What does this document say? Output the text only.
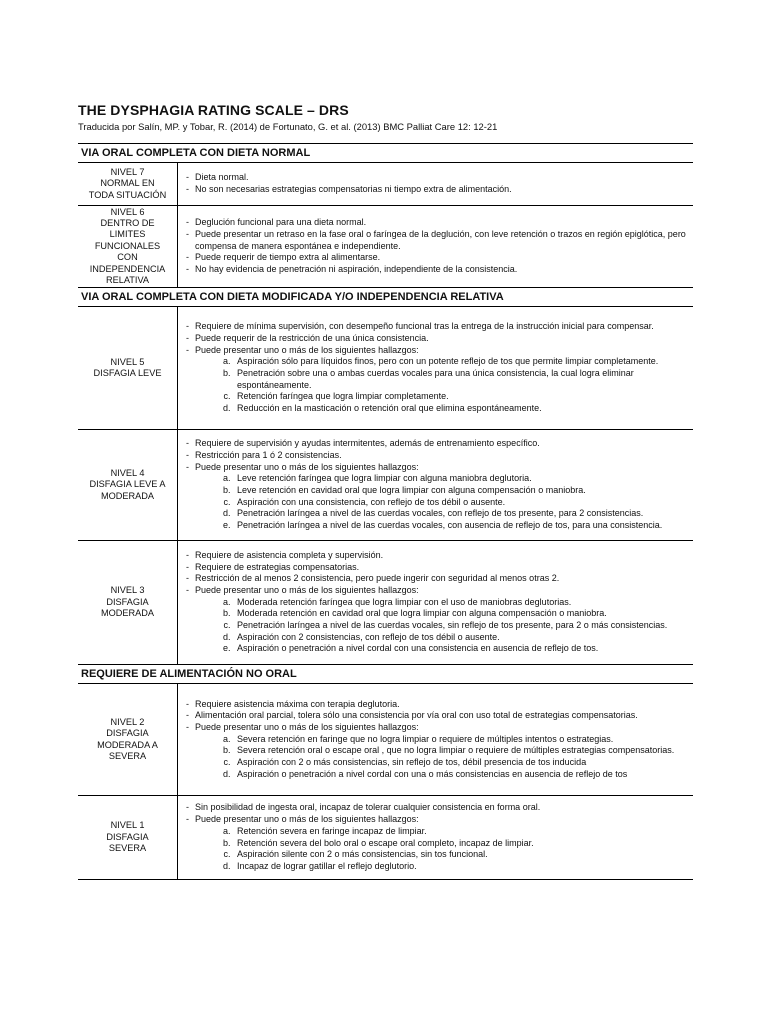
THE DYSPHAGIA RATING SCALE – DRS
Traducida por Salín, MP. y Tobar, R. (2014) de Fortunato, G. et al. (2013) BMC Palliat Care 12: 12-21
VIA ORAL COMPLETA CON DIETA NORMAL
NIVEL 7
NORMAL EN
TODA SITUACIÓN
- Dieta normal.
- No son necesarias estrategias compensatorias ni tiempo extra de alimentación.
NIVEL 6
DENTRO DE
LIMITES
FUNCIONALES
CON
INDEPENDENCIA
RELATIVA
- Deglución funcional para una dieta normal.
- Puede presentar un retraso en la fase oral o faríngea de la deglución, con leve retención o trazos en región epiglótica, pero compensa de manera espontánea e independiente.
- Puede requerir de tiempo extra al alimentarse.
- No hay evidencia de penetración ni aspiración, independiente de la consistencia.
VIA ORAL COMPLETA CON DIETA MODIFICADA Y/O INDEPENDENCIA RELATIVA
NIVEL 5
DISFAGIA LEVE
- Requiere de mínima supervisión, con desempeño funcional tras la entrega de la instrucción inicial para compensar.
- Puede requerir de la restricción de una única consistencia.
- Puede presentar uno o más de los siguientes hallazgos:
a. Aspiración sólo para líquidos finos, pero con un potente reflejo de tos que permite limpiar completamente.
b. Penetración sobre una o ambas cuerdas vocales para una única consistencia, la cual logra eliminar espontáneamente.
c. Retención faríngea que logra limpiar completamente.
d. Reducción en la masticación o retención oral que elimina espontáneamente.
NIVEL 4
DISFAGIA LEVE A
MODERADA
- Requiere de supervisión y ayudas intermitentes, además de entrenamiento específico.
- Restricción para 1 ó 2 consistencias.
- Puede presentar uno o más de los siguientes hallazgos:
a. Leve retención faríngea que logra limpiar con alguna maniobra deglutoria.
b. Leve retención en cavidad oral que logra limpiar con alguna compensación o maniobra.
c. Aspiración con una consistencia, con reflejo de tos débil o ausente.
d. Penetración laríngea a nivel de las cuerdas vocales, con reflejo de tos presente, para 2 consistencias.
e. Penetración laríngea a nivel de las cuerdas vocales, con ausencia de reflejo de tos, para una consistencia.
NIVEL 3
DISFAGIA
MODERADA
- Requiere de asistencia completa y supervisión.
- Requiere de estrategias compensatorias.
- Restricción de al menos 2 consistencia, pero puede ingerir con seguridad al menos otras 2.
- Puede presentar uno o más de los siguientes hallazgos:
a. Moderada retención faríngea que logra limpiar con el uso de maniobras deglutorias.
b. Moderada retención en cavidad oral que logra limpiar con alguna compensación o maniobra.
c. Penetración laríngea a nivel de las cuerdas vocales, sin reflejo de tos presente, para 2 o más consistencias.
d. Aspiración con 2 consistencias, con reflejo de tos débil o ausente.
e. Aspiración o penetración a nivel cordal con una consistencia en ausencia de reflejo de tos.
REQUIERE DE ALIMENTACIÓN NO ORAL
NIVEL 2
DISFAGIA
MODERADA A
SEVERA
- Requiere asistencia máxima con terapia deglutoria.
- Alimentación oral parcial, tolera sólo una consistencia por vía oral con uso total de estrategias compensatorias.
- Puede presentar uno o más de los siguientes hallazgos:
a. Severa retención en faringe que no logra limpiar o requiere de múltiples intentos o estrategias.
b. Severa retención oral o escape oral , que no logra limpiar o requiere de múltiples estrategias compensatorias.
c. Aspiración con 2 o más consistencias, sin reflejo de tos, débil presencia de tos inducida
d. Aspiración o penetración a nivel cordal con una o más consistencias en ausencia de reflejo de tos
NIVEL 1
DISFAGIA
SEVERA
- Sin posibilidad de ingesta oral, incapaz de tolerar cualquier consistencia en forma oral.
- Puede presentar uno o más de los siguientes hallazgos:
a. Retención severa en faringe incapaz de limpiar.
b. Retención severa del bolo oral o escape oral completo, incapaz de limpiar.
c. Aspiración silente con 2 o más consistencias, sin tos funcional.
d. Incapaz de lograr gatillar el reflejo deglutorio.
